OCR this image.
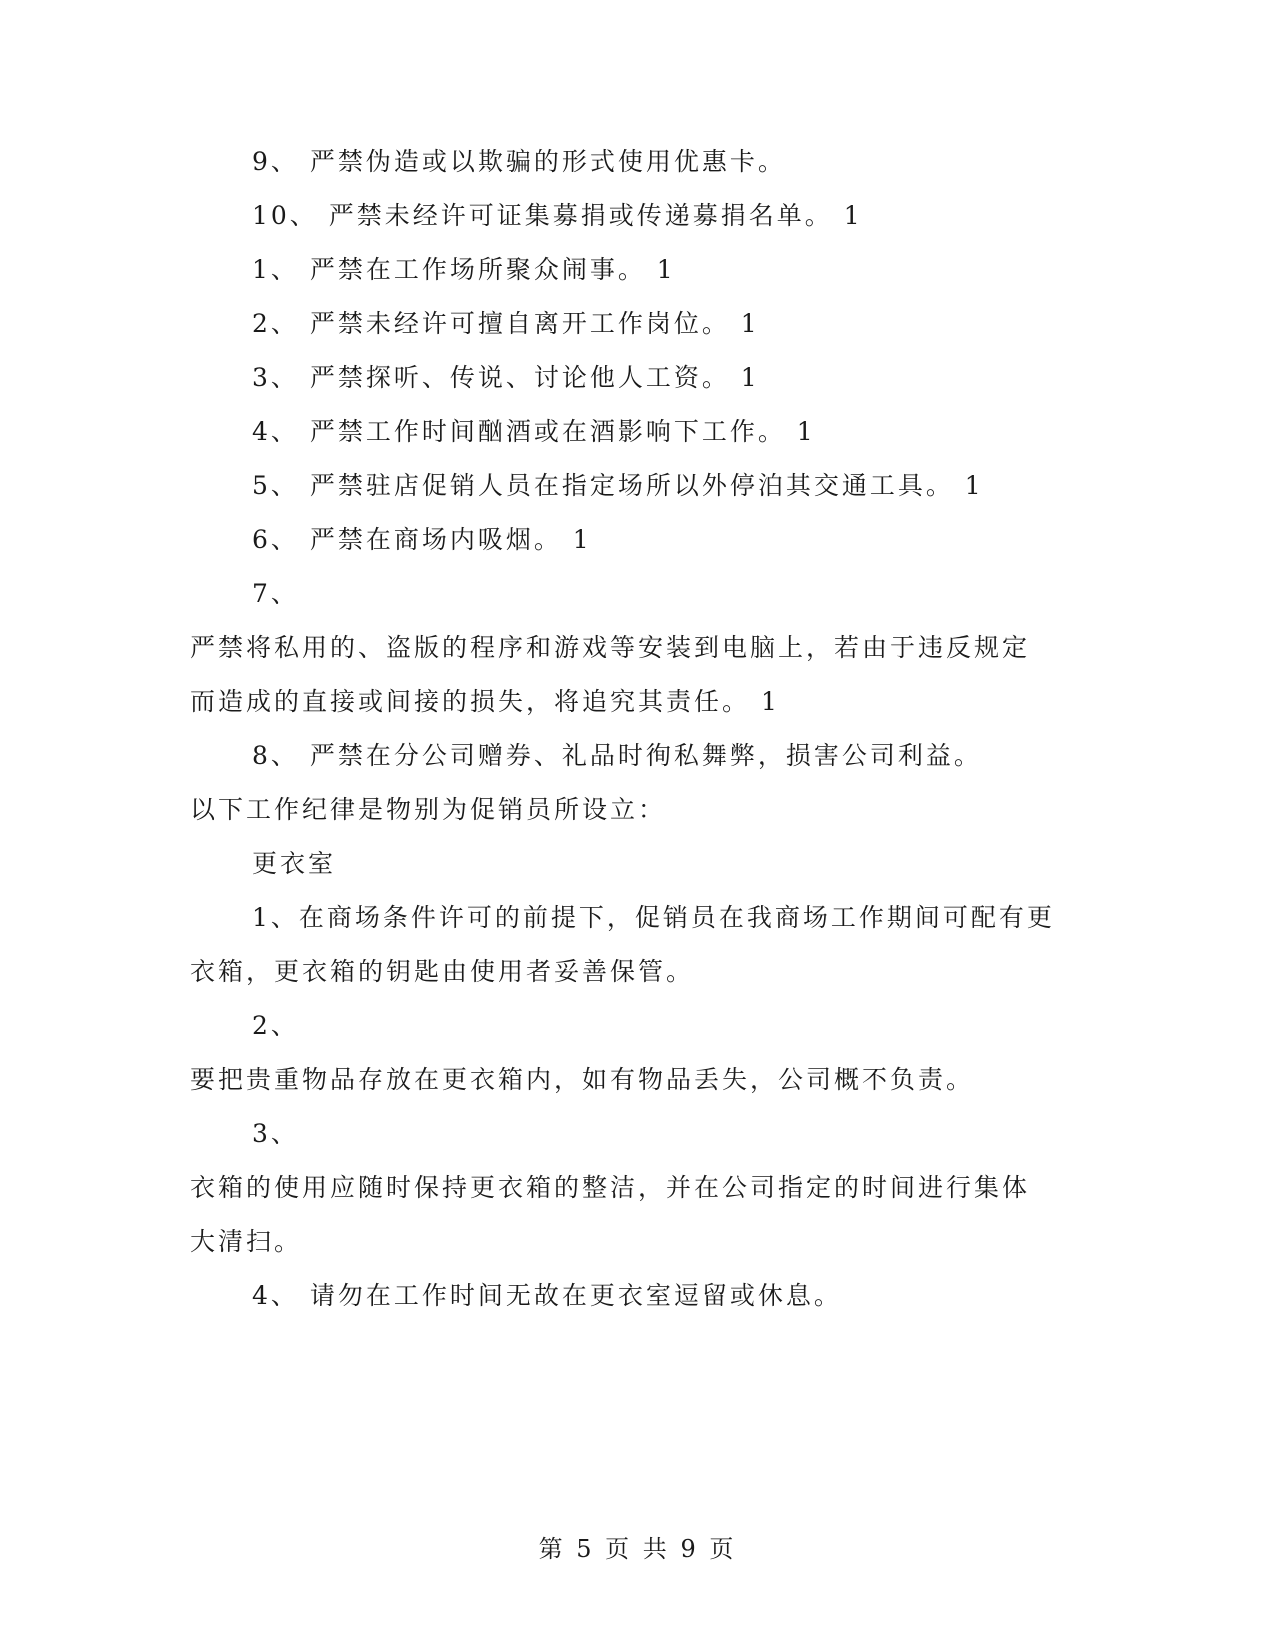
9、 严禁伪造或以欺骗的形式使用优惠卡。
10、 严禁未经许可证集募捐或传递募捐名单。 1
1、 严禁在工作场所聚众闹事。 1
2、 严禁未经许可擅自离开工作岗位。 1
3、 严禁探听、传说、讨论他人工资。 1
4、 严禁工作时间酗酒或在酒影响下工作。 1
5、 严禁驻店促销人员在指定场所以外停泊其交通工具。 1
6、 严禁在商场内吸烟。 1
7、
严禁将私用的、盗版的程序和游戏等安装到电脑上，若由于违反规定
而造成的直接或间接的损失，将追究其责任。 1
8、 严禁在分公司赠券、礼品时徇私舞弊，损害公司利益。
以下工作纪律是物别为促销员所设立：
更衣室
1、在商场条件许可的前提下，促销员在我商场工作期间可配有更
衣箱，更衣箱的钥匙由使用者妥善保管。
2、
要把贵重物品存放在更衣箱内，如有物品丢失，公司概不负责。
3、
衣箱的使用应随时保持更衣箱的整洁，并在公司指定的时间进行集体
大清扫。
4、 请勿在工作时间无故在更衣室逗留或休息。
第 5 页 共 9 页
